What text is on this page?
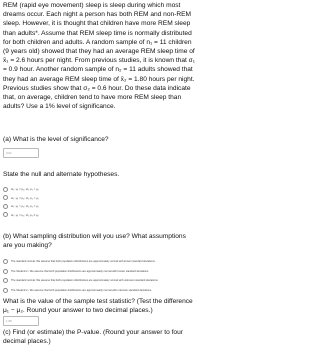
REM (rapid eye movement) sleep is sleep during which most dreams occur. Each night a person has both REM and non-REM sleep. However, it is thought that children have more REM sleep than adults*. Assume that REM sleep time is normally distributed for both children and adults. A random sample of n₁ = 11 children (9 years old) showed that they had an average REM sleep time of x̄₁ = 2.6 hours per night. From previous studies, it is known that σ₁ = 0.9 hour. Another random sample of n₂ = 11 adults showed that they had an average REM sleep time of x̄₂ = 1.80 hours per night. Previous studies show that σ₂ = 0.6 hour. Do these data indicate that, on average, children tend to have more REM sleep than adults? Use a 1% level of significance.

(a) What is the level of significance?
0.01
State the null and alternate hypotheses.
H₀: μ₁ = μ₂; H₁: μ₁ > μ₂
H₀: μ₁ = μ₂; H₁: μ₁ < μ₂
H₀: μ₁ > μ₂; H₁: μ₁ = μ₂
H₀: μ₁ = μ₂; H₁: μ₁ ≠ μ₂
(b) What sampling distribution will you use? What assumptions are you making?
The standard normal. We assume that both population distributions are approximately normal with known standard deviations.
The Student's t. We assume that both population distributions are approximately normal with known standard deviations.
The standard normal. We assume that both population distributions are approximately normal with unknown standard deviations.
The Student's t. We assume that both population distributions are approximately normal with unknown standard deviations.
What is the value of the sample test statistic? (Test the difference μ₁ − μ₂. Round your answer to two decimal places.)
1.95
(c) Find (or estimate) the P-value. (Round your answer to four decimal places.)
